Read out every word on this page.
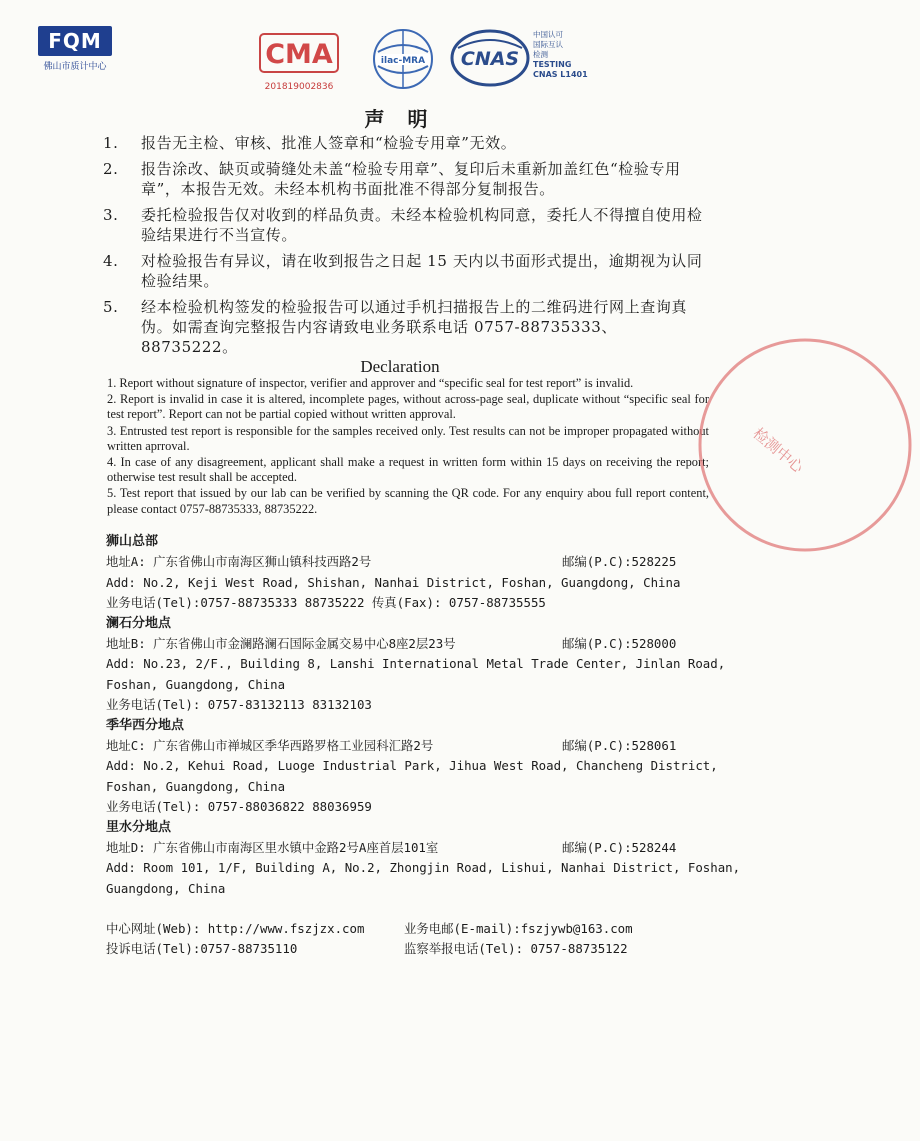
FQM
佛山市质计中心	CMA
201819002836
ilac-MRA CNAS
中国认可
国际互认
检测
TESTING
CNAS L1401
声 明
1. 报告无主检、审核、批准人签章和“检验专用章”无效。
2. 报告涂改、缺页或骑缝处未盖“检验专用章”、复印后未重新加盖红色“检验专用章”，本报告无效。未经本机构书面批准不得部分复制报告。
3. 委托检验报告仅对收到的样品负责。未经本检验机构同意，委托人不得擅自使用检验结果进行不当宣传。
4. 对检验报告有异议，请在收到报告之日起 15 天内以书面形式提出，逾期视为认同检验结果。
5. 经本检验机构签发的检验报告可以通过手机扫描报告上的二维码进行网上查询真伪。如需查询完整报告内容请致电业务联系电话 0757-88735333、88735222。
Declaration
1. Report without signature of inspector, verifier and approver and “specific seal for test report” is invalid.
2. Report is invalid in case it is altered, incomplete pages, without across-page seal, duplicate without “specific seal for test report”. Report can not be partial copied without written approval.
3. Entrusted test report is responsible for the samples received only. Test results can not be improper propagated without written aprroval.
4. In case of any disagreement, applicant shall make a request in written form within 15 days on receiving the report; otherwise test result shall be accepted.
5. Test report that issued by our lab can be verified by scanning the QR code. For any enquiry abou full report content, please contact 0757-88735333, 88735222.
检测中心
狮山总部
地址A: 广东省佛山市南海区狮山镇科技西路2号	邮编(P.C):528225
Add: No.2, Keji West Road, Shishan, Nanhai District, Foshan, Guangdong, China
业务电话(Tel):0757-88735333 88735222 传真(Fax): 0757-88735555
澜石分地点
地址B: 广东省佛山市金澜路澜石国际金属交易中心8座2层23号	邮编(P.C):528000
Add: No.23, 2/F., Building 8, Lanshi International Metal Trade Center, Jinlan Road,
Foshan, Guangdong, China
业务电话(Tel): 0757-83132113 83132103
季华西分地点
地址C: 广东省佛山市禅城区季华西路罗格工业园科汇路2号	邮编(P.C):528061
Add: No.2, Kehui Road, Luoge Industrial Park, Jihua West Road, Chancheng District,
Foshan, Guangdong, China
业务电话(Tel): 0757-88036822 88036959
里水分地点
地址D: 广东省佛山市南海区里水镇中金路2号A座首层101室	邮编(P.C):528244
Add: Room 101, 1/F, Building A, No.2, Zhongjin Road, Lishui, Nanhai District, Foshan,
Guangdong, China
中心网址(Web): http://www.fszjzx.com	业务电邮(E-mail):fszjywb@163.com
投诉电话(Tel):0757-88735110	监察举报电话(Tel): 0757-88735122
